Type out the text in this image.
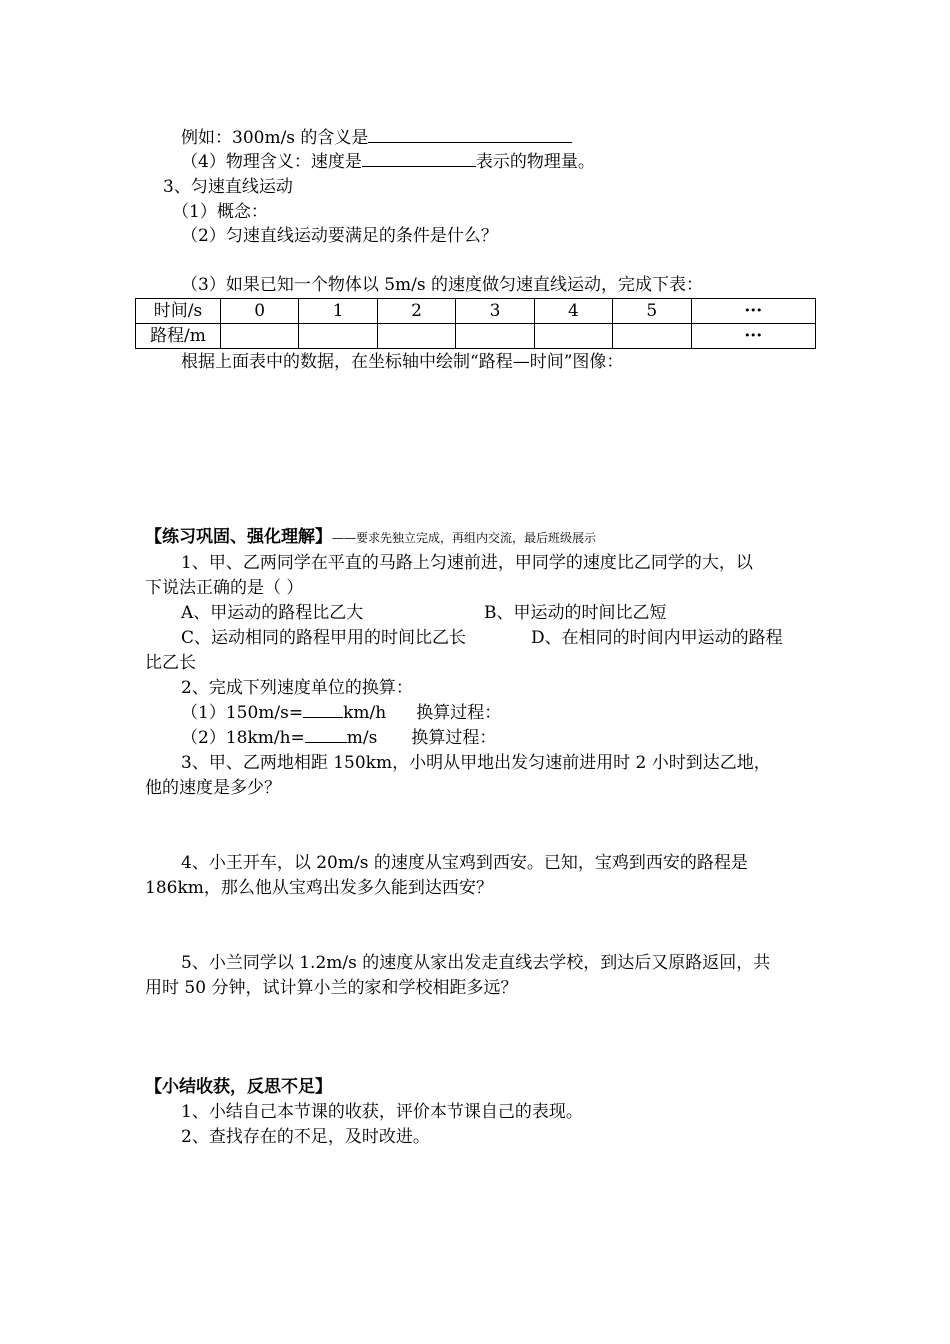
例如：300m/s 的含义是
（4）物理含义：速度是	表示的物理量。
3、匀速直线运动
（1）概念：
（2）匀速直线运动要满足的条件是什么？
（3）如果已知一个物体以 5m/s 的速度做匀速直线运动，完成下表：
时间/s	0	1	2	3	4	5	···
路程/m							···
根据上面表中的数据，在坐标轴中绘制“路程—时间”图像：
【练习巩固、强化理解】——要求先独立完成，再组内交流，最后班级展示
1、甲、乙两同学在平直的马路上匀速前进，甲同学的速度比乙同学的大，以
下说法正确的是（ ）
A、甲运动的路程比乙大	B、甲运动的时间比乙短
C、运动相同的路程甲用的时间比乙长	D、在相同的时间内甲运动的路程
比乙长
2、完成下列速度单位的换算：
（1）150m/s= km/h 换算过程：
（2）18km/h= m/s 换算过程：
3、甲、乙两地相距 150km，小明从甲地出发匀速前进用时 2 小时到达乙地，
他的速度是多少？
4、小王开车，以 20m/s 的速度从宝鸡到西安。已知，宝鸡到西安的路程是
186km，那么他从宝鸡出发多久能到达西安？
5、小兰同学以 1.2m/s 的速度从家出发走直线去学校，到达后又原路返回，共
用时 50 分钟，试计算小兰的家和学校相距多远？
【小结收获，反思不足】
1、小结自己本节课的收获，评价本节课自己的表现。
2、查找存在的不足，及时改进。
